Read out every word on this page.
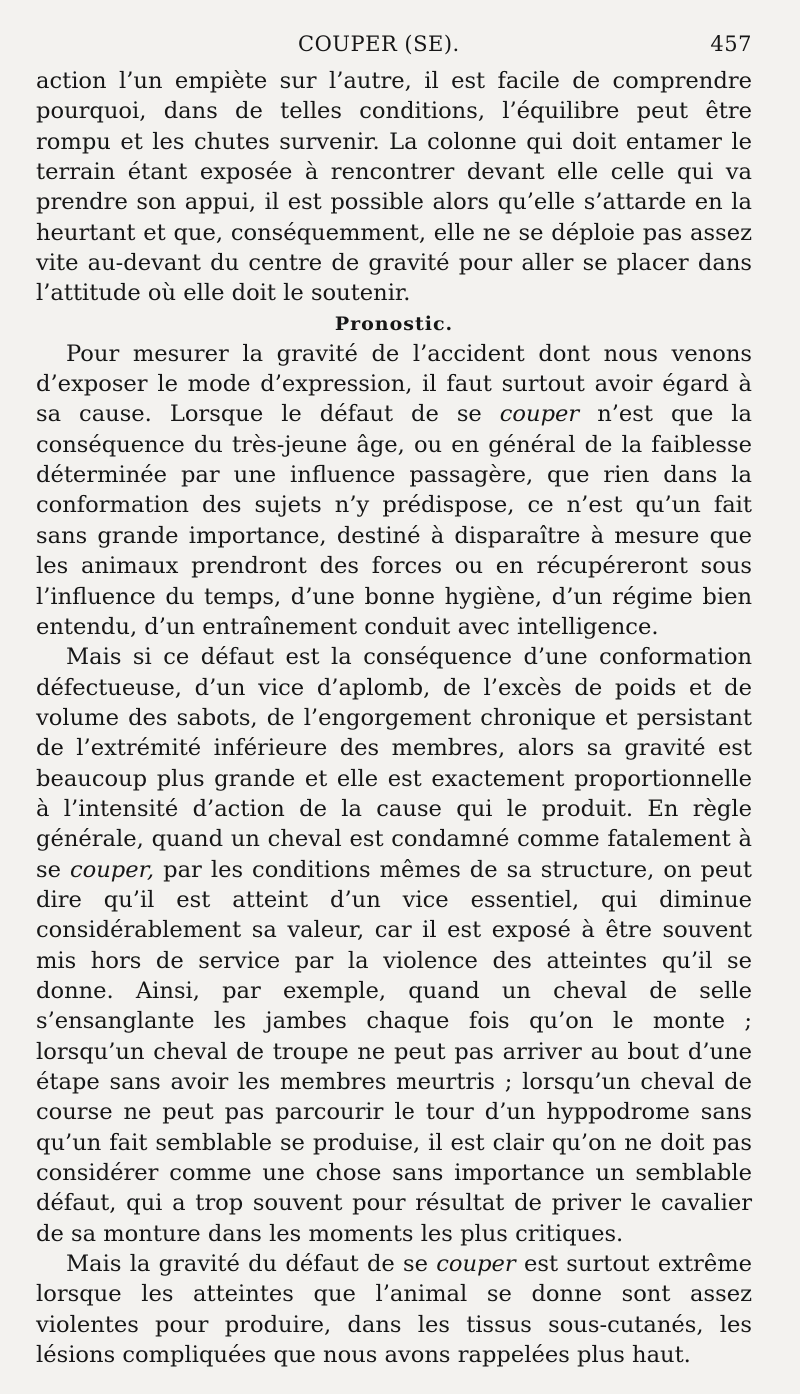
COUPER (SE).	457

action l’un empiète sur l’autre, il est facile de comprendre pourquoi, dans de telles conditions, l’équilibre peut être rompu et les chutes survenir. La colonne qui doit entamer le terrain étant exposée à rencontrer devant elle celle qui va prendre son appui, il est possible alors qu’elle s’attarde en la heurtant et que, conséquemment, elle ne se déploie pas assez vite au-devant du centre de gravité pour aller se placer dans l’attitude où elle doit le soutenir.

Pronostic.

Pour mesurer la gravité de l’accident dont nous venons d’exposer le mode d’expression, il faut surtout avoir égard à sa cause. Lorsque le défaut de se couper n’est que la conséquence du très-jeune âge, ou en général de la faiblesse déterminée par une influence passagère, que rien dans la conformation des sujets n’y prédispose, ce n’est qu’un fait sans grande importance, destiné à disparaître à mesure que les animaux prendront des forces ou en récupéreront sous l’influence du temps, d’une bonne hygiène, d’un régime bien entendu, d’un entraînement conduit avec intelligence.

Mais si ce défaut est la conséquence d’une conformation défectueuse, d’un vice d’aplomb, de l’excès de poids et de volume des sabots, de l’engorgement chronique et persistant de l’extrémité inférieure des membres, alors sa gravité est beaucoup plus grande et elle est exactement proportionnelle à l’intensité d’action de la cause qui le produit. En règle générale, quand un cheval est condamné comme fatalement à se couper, par les conditions mêmes de sa structure, on peut dire qu’il est atteint d’un vice essentiel, qui diminue considérablement sa valeur, car il est exposé à être souvent mis hors de service par la violence des atteintes qu’il se donne. Ainsi, par exemple, quand un cheval de selle s’ensanglante les jambes chaque fois qu’on le monte ; lorsqu’un cheval de troupe ne peut pas arriver au bout d’une étape sans avoir les membres meurtris ; lorsqu’un cheval de course ne peut pas parcourir le tour d’un hyppodrome sans qu’un fait semblable se produise, il est clair qu’on ne doit pas considérer comme une chose sans importance un semblable défaut, qui a trop souvent pour résultat de priver le cavalier de sa monture dans les moments les plus critiques.

Mais la gravité du défaut de se couper est surtout extrême lorsque les atteintes que l’animal se donne sont assez violentes pour produire, dans les tissus sous-cutanés, les lésions compliquées que nous avons rappelées plus haut.
